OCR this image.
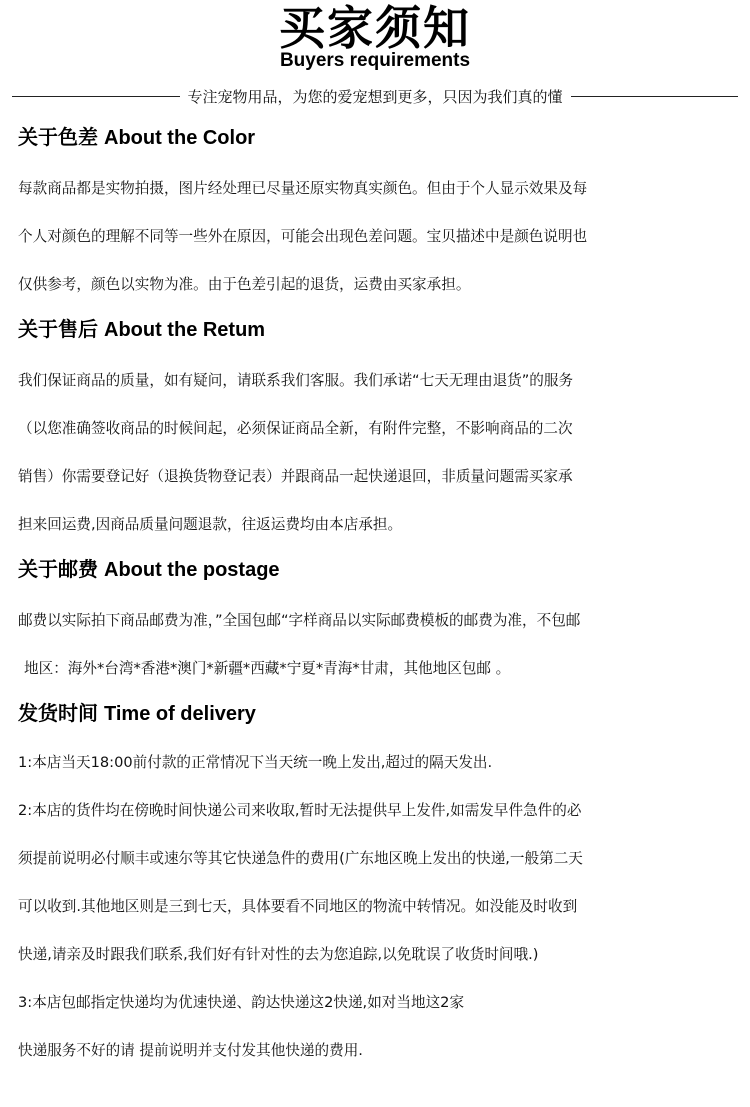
买家须知
Buyers requirements
专注宠物用品，为您的爱宠想到更多，只因为我们真的懂
关于色差 About the Color
每款商品都是实物拍摄，图片经处理已尽量还原实物真实颜色。但由于个人显示效果及每
个人对颜色的理解不同等一些外在原因，可能会出现色差问题。宝贝描述中是颜色说明也
仅供参考，颜色以实物为准。由于色差引起的退货，运费由买家承担。
关于售后 About the Retum
我们保证商品的质量，如有疑问，请联系我们客服。我们承诺“七天无理由退货”的服务
（以您准确签收商品的时候间起，必须保证商品全新，有附件完整，不影响商品的二次
销售）你需要登记好（退换货物登记表）并跟商品一起快递退回，非质量问题需买家承
担来回运费,因商品质量问题退款，往返运费均由本店承担。
关于邮费 About the postage
邮费以实际拍下商品邮费为准，”全国包邮“字样商品以实际邮费模板的邮费为准，不包邮
地区：海外*台湾*香港*澳门*新疆*西藏*宁夏*青海*甘肃，其他地区包邮 。
发货时间 Time of delivery
1:本店当天18:00前付款的正常情况下当天统一晚上发出,超过的隔天发出.
2:本店的货件均在傍晚时间快递公司来收取,暂时无法提供早上发件,如需发早件急件的必
须提前说明必付顺丰或速尔等其它快递急件的费用(广东地区晚上发出的快递,一般第二天
可以收到.其他地区则是三到七天，具体要看不同地区的物流中转情况。如没能及时收到
快递,请亲及时跟我们联系,我们好有针对性的去为您追踪,以免耽误了收货时间哦.)
3:本店包邮指定快递均为优速快递、韵达快递这2快递,如对当地这2家
快递服务不好的请 提前说明并支付发其他快递的费用.
